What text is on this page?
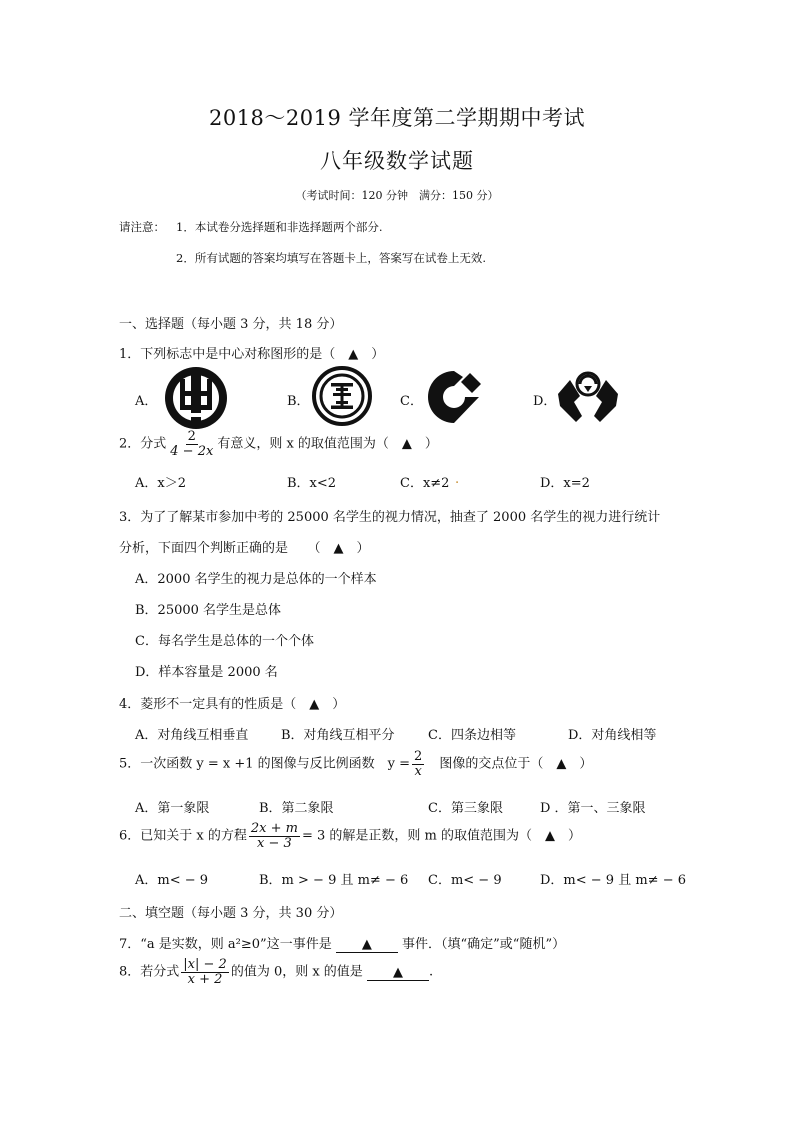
2018～2019 学年度第二学期期中考试
八年级数学试题
（考试时间：120 分钟　满分：150 分）
请注意： 1．本试卷分选择题和非选择题两个部分.
2．所有试题的答案均填写在答题卡上，答案写在试卷上无效.
一、选择题（每小题 3 分，共 18 分）
1．下列标志中是中心对称图形的是（　▲　）
A．	B．	C．	D．
2．分式 $\frac{2}{4 - 2x}$ 有意义，则 x 的取值范围为（　▲　）
A．x＞2	B．x<2	C．x≠2 .	D．x=2
3．为了了解某市参加中考的 25000 名学生的视力情况，抽查了 2000 名学生的视力进行统计
分析，下面四个判断正确的是　　（　▲　）
A．2000 名学生的视力是总体的一个样本
B．25000 名学生是总体
C．每名学生是总体的一个个体
D．样本容量是 2000 名
4．菱形不一定具有的性质是（　▲　）
A．对角线互相垂直	B．对角线互相平分	C．四条边相等	D．对角线相等
5．一次函数 y = x +1 的图像与反比例函数　$y = \frac{2}{x}$ 　图像的交点位于（　▲　）
A．第一象限	B．第二象限	C．第三象限	D ．第一、三象限
6．已知关于 x 的方程 $\frac{2x + m}{x - 3} = 3$ 的解是正数，则 m 的取值范围为（　▲　）
A．m< − 9	B．m > − 9 且 m≠ − 6 C．m< − 9	D．m< − 9 且 m≠ − 6
二、填空题（每小题 3 分，共 30 分）
7．“a 是实数，则 a²≥0”这一事件是 ▲ 事件．（填“确定”或“随机”）
8．若分式 $\frac{|x| - 2}{x + 2}$ 的值为 0，则 x 的值是 ▲ .
